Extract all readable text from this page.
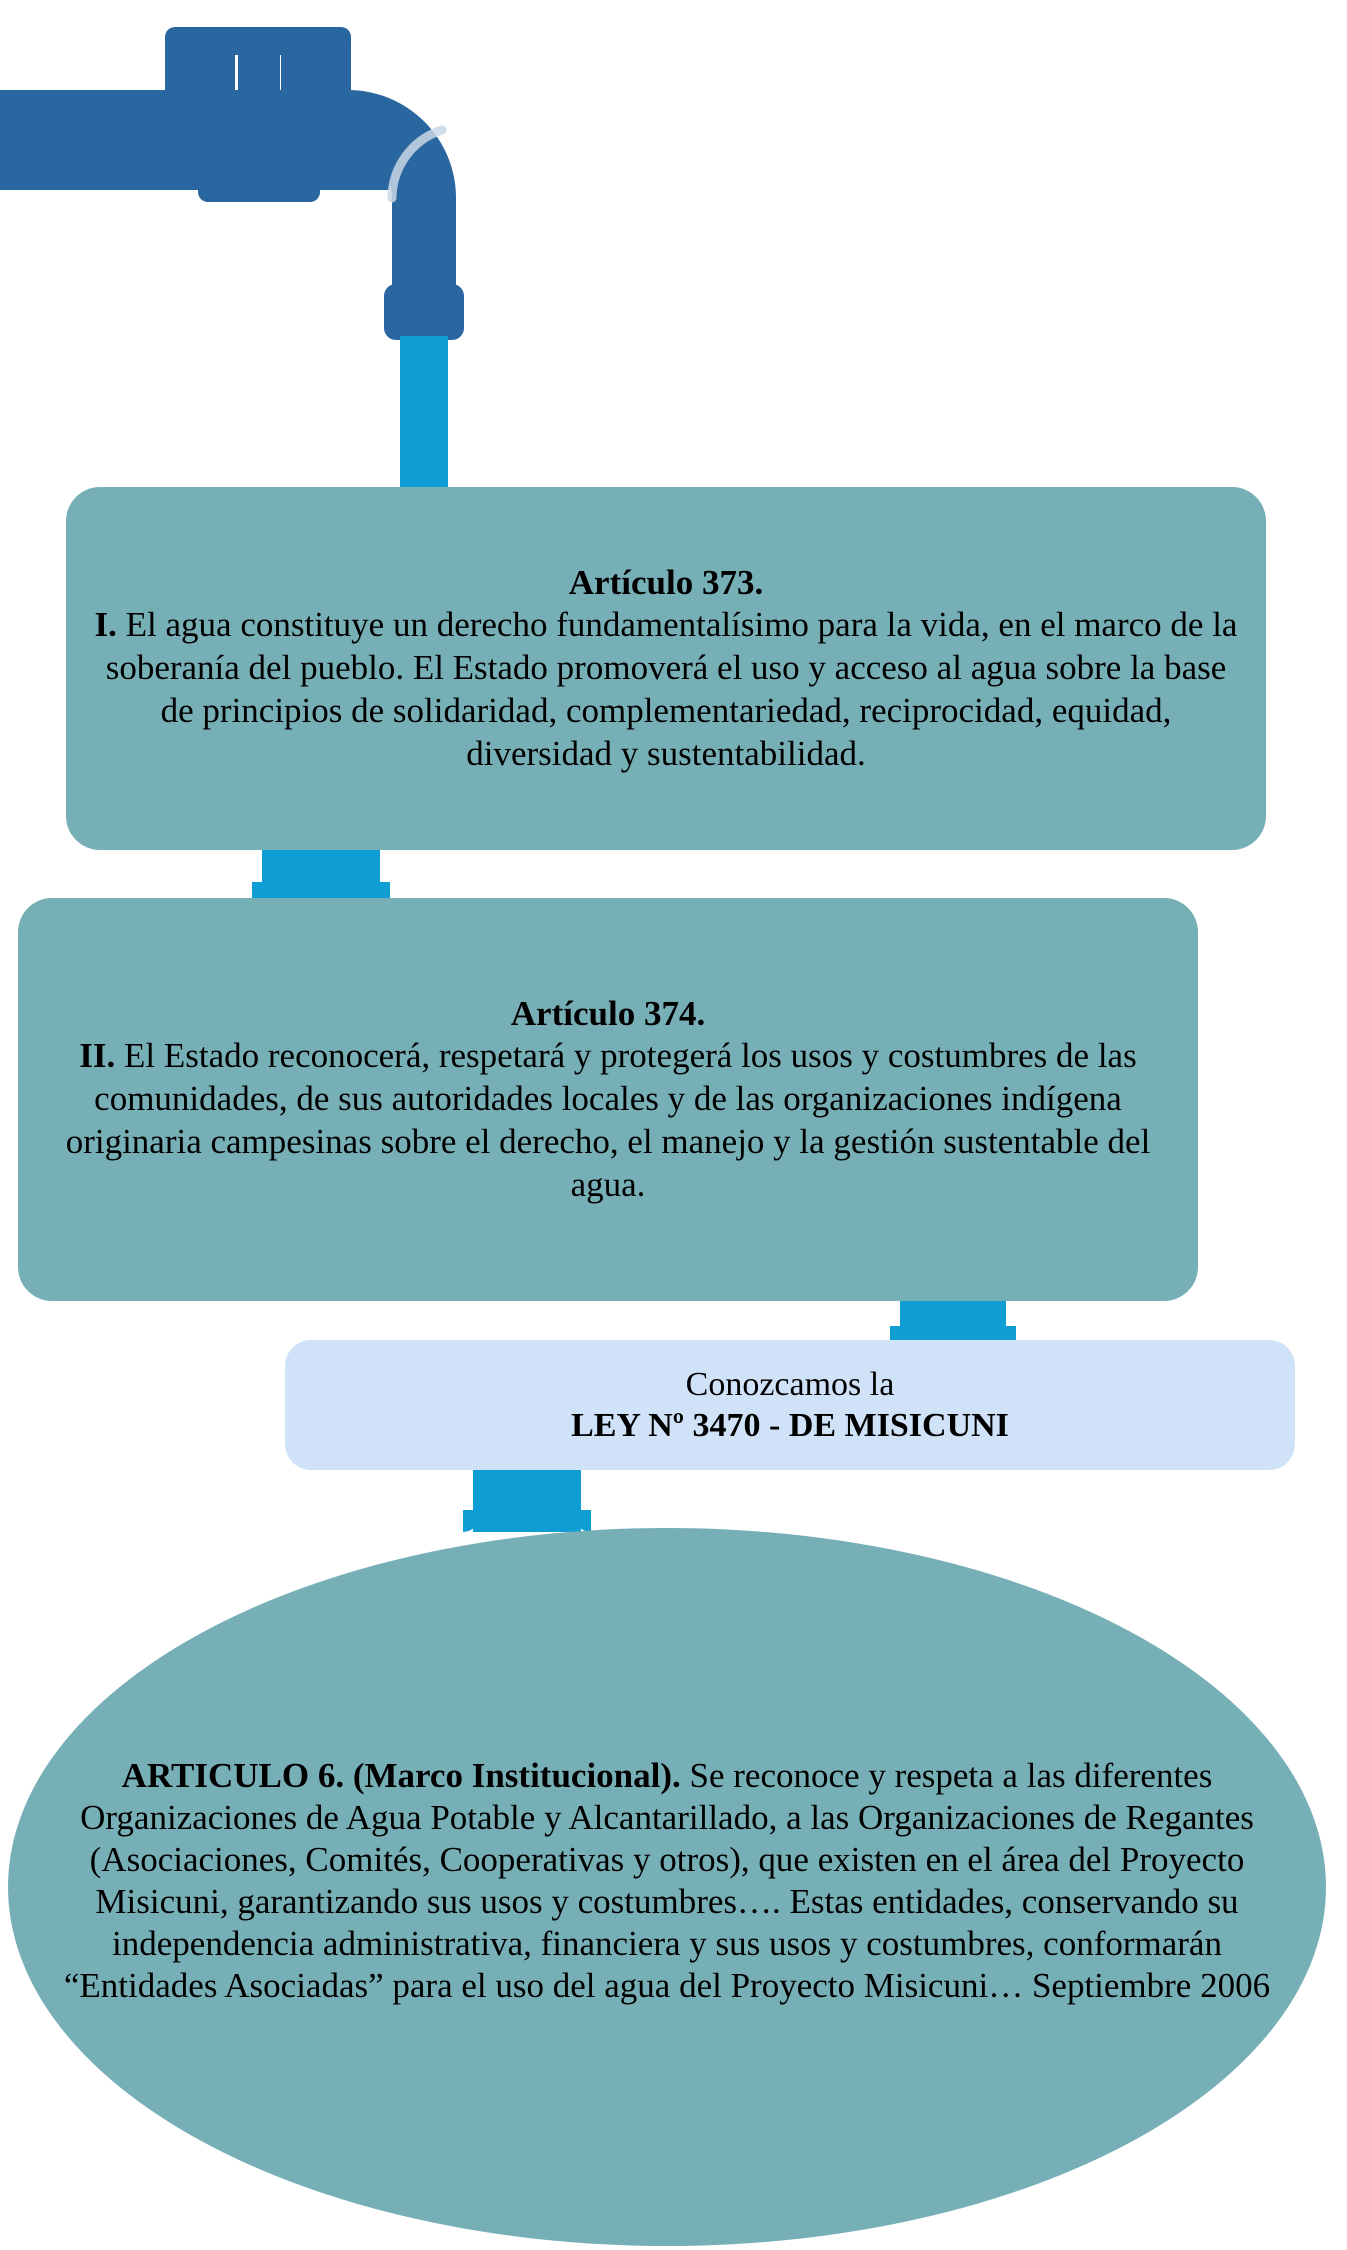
Artículo 373.

I. El agua constituye un derecho fundamentalísimo para la vida, en el marco de la soberanía del pueblo. El Estado promoverá el uso y acceso al agua sobre la base de principios de solidaridad, complementariedad, reciprocidad, equidad, diversidad y sustentabilidad.

Artículo 374.

II. El Estado reconocerá, respetará y protegerá los usos y costumbres de las comunidades, de sus autoridades locales y de las organizaciones indígena originaria campesinas sobre el derecho, el manejo y la gestión sustentable del agua.

Conozcamos la

LEY Nº 3470 - DE MISICUNI

ARTICULO 6. (Marco Institucional). Se reconoce y respeta a las diferentes Organizaciones de Agua Potable y Alcantarillado, a las Organizaciones de Regantes (Asociaciones, Comités, Cooperativas y otros), que existen en el área del Proyecto Misicuni, garantizando sus usos y costumbres…. Estas entidades, conservando su independencia administrativa, financiera y sus usos y costumbres, conformarán “Entidades Asociadas” para el uso del agua del Proyecto Misicuni… Septiembre 2006
